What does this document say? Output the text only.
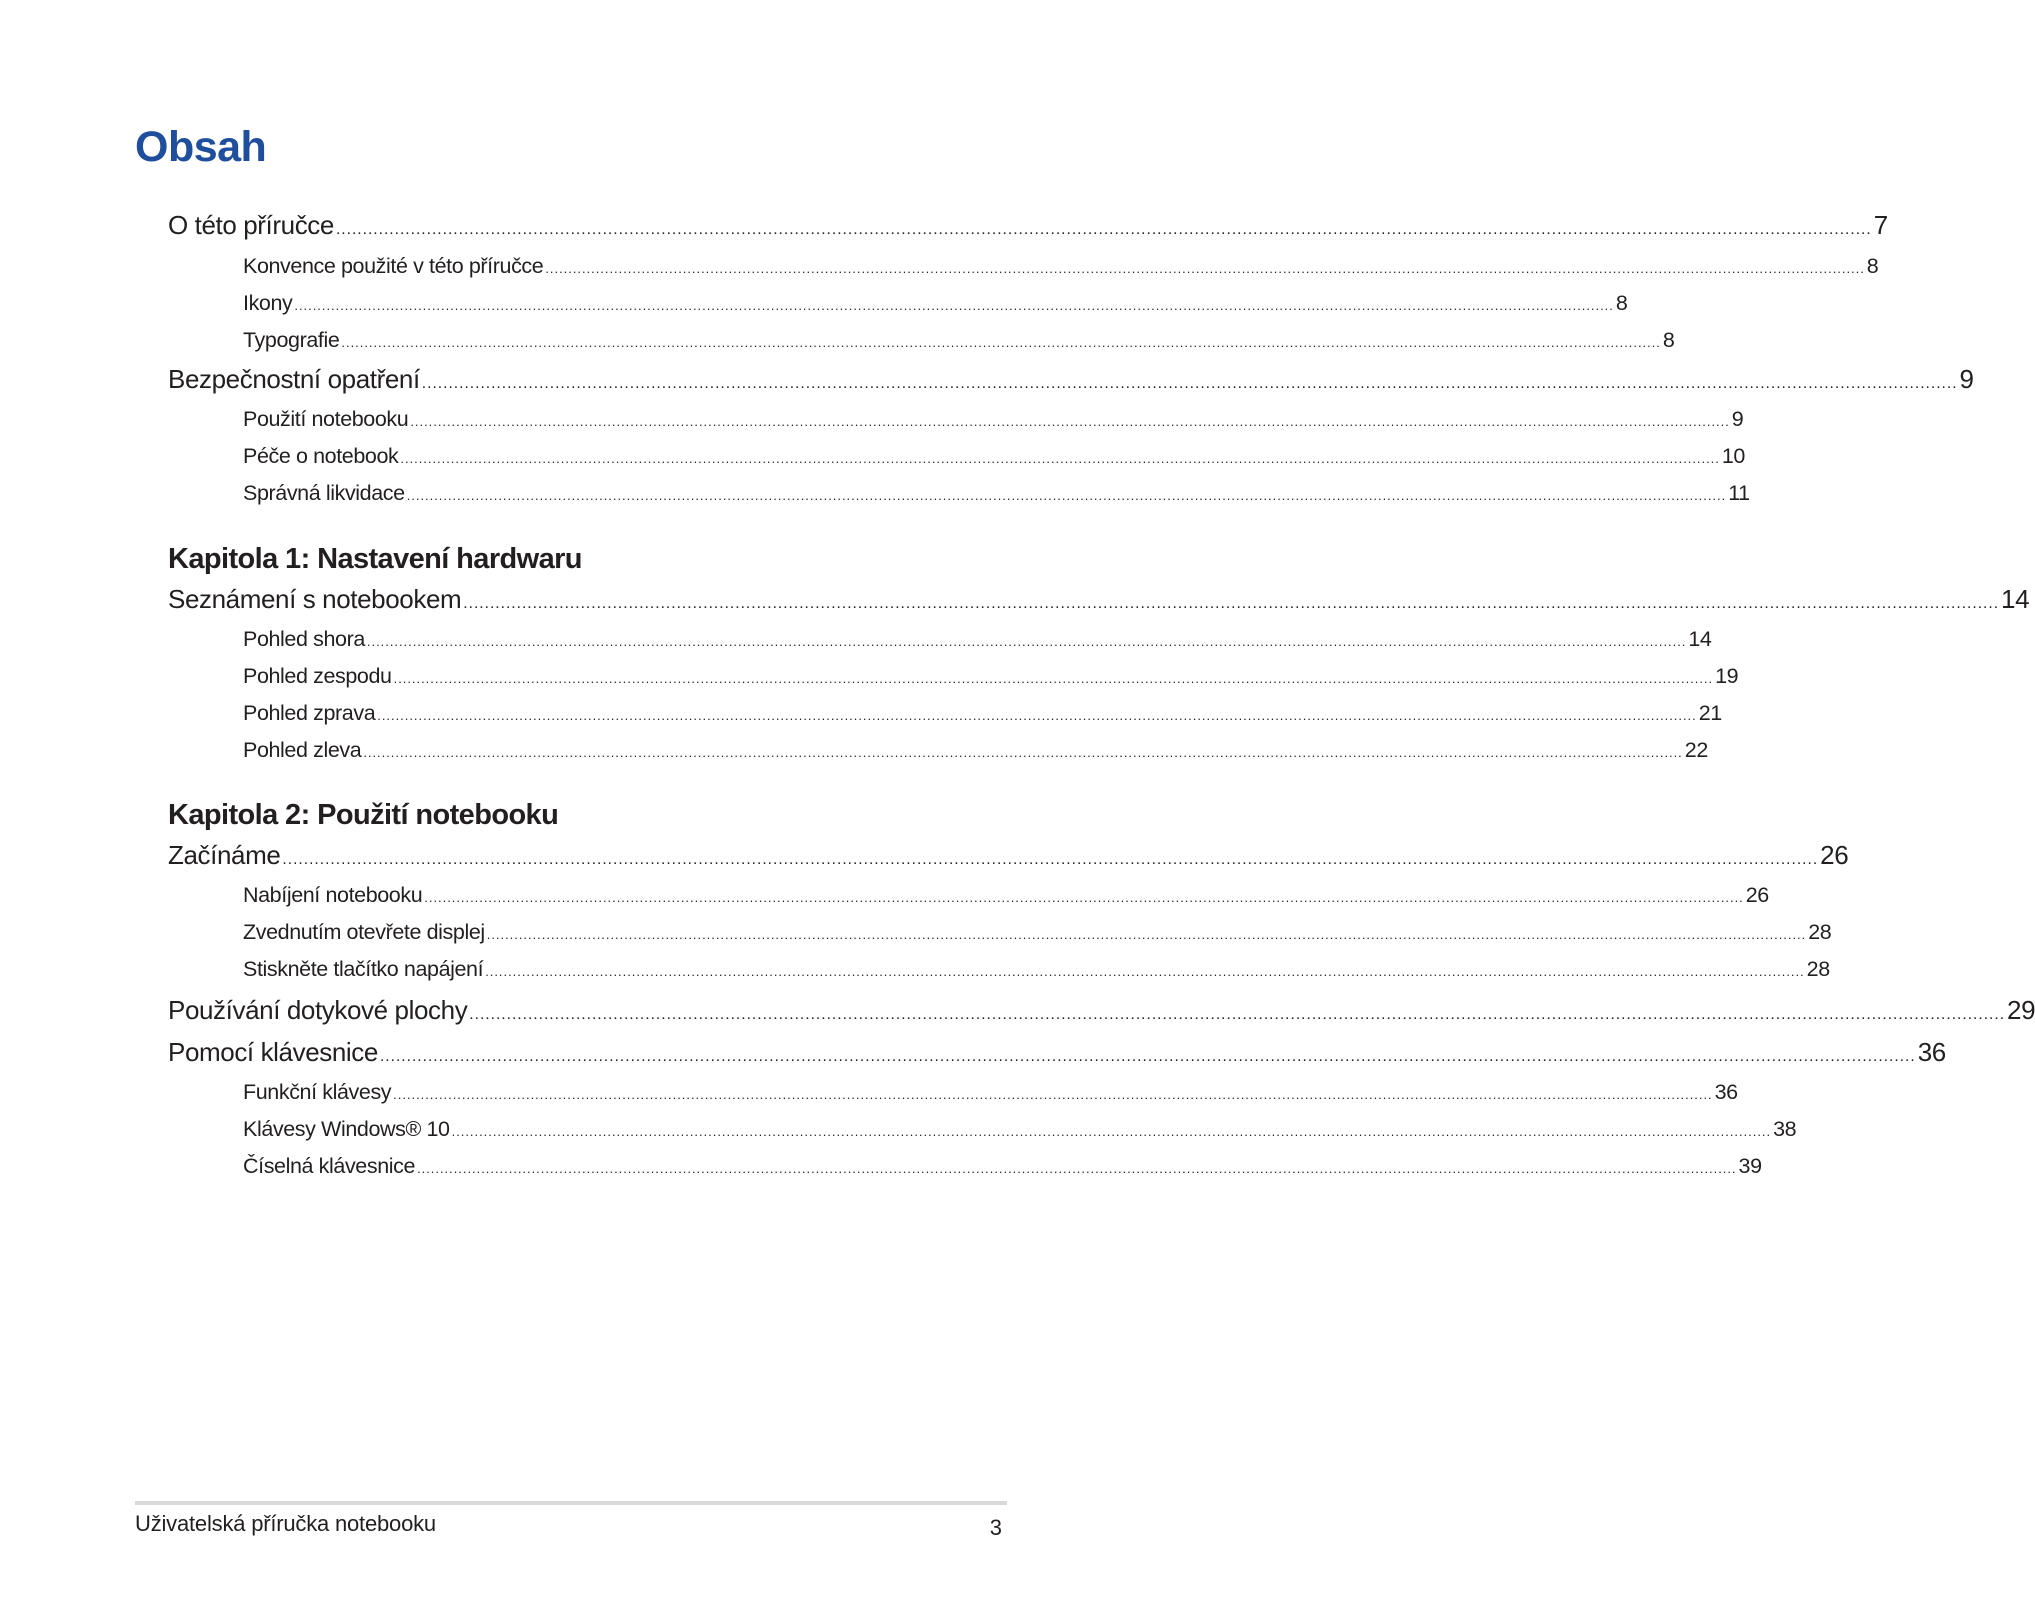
Obsah
O této příručce ................................................................................................................................................................................................................................................................................................ 7
Konvence použité v této příručce ................................................................................................................................................................................................................................................................................................ 8
Ikony ................................................................................................................................................................................................................................................................................................ 8
Typografie ................................................................................................................................................................................................................................................................................................ 8
Bezpečnostní opatření ................................................................................................................................................................................................................................................................................................ 9
Použití notebooku ................................................................................................................................................................................................................................................................................................ 9
Péče o notebook ................................................................................................................................................................................................................................................................................................ 10
Správná likvidace ................................................................................................................................................................................................................................................................................................ 11
Kapitola 1: Nastavení hardwaru
Seznámení s notebookem ................................................................................................................................................................................................................................................................................................ 14
Pohled shora ................................................................................................................................................................................................................................................................................................ 14
Pohled zespodu ................................................................................................................................................................................................................................................................................................ 19
Pohled zprava ................................................................................................................................................................................................................................................................................................ 21
Pohled zleva ................................................................................................................................................................................................................................................................................................ 22
Kapitola 2: Použití notebooku
Začínáme ................................................................................................................................................................................................................................................................................................ 26
Nabíjení notebooku ................................................................................................................................................................................................................................................................................................ 26
Zvednutím otevřete displej ................................................................................................................................................................................................................................................................................................ 28
Stiskněte tlačítko napájení ................................................................................................................................................................................................................................................................................................ 28
Používání dotykové plochy ................................................................................................................................................................................................................................................................................................ 29
Pomocí klávesnice ................................................................................................................................................................................................................................................................................................ 36
Funkční klávesy ................................................................................................................................................................................................................................................................................................ 36
Klávesy Windows® 10 ................................................................................................................................................................................................................................................................................................ 38
Číselná klávesnice ................................................................................................................................................................................................................................................................................................ 39
Uživatelská příručka notebooku	3
